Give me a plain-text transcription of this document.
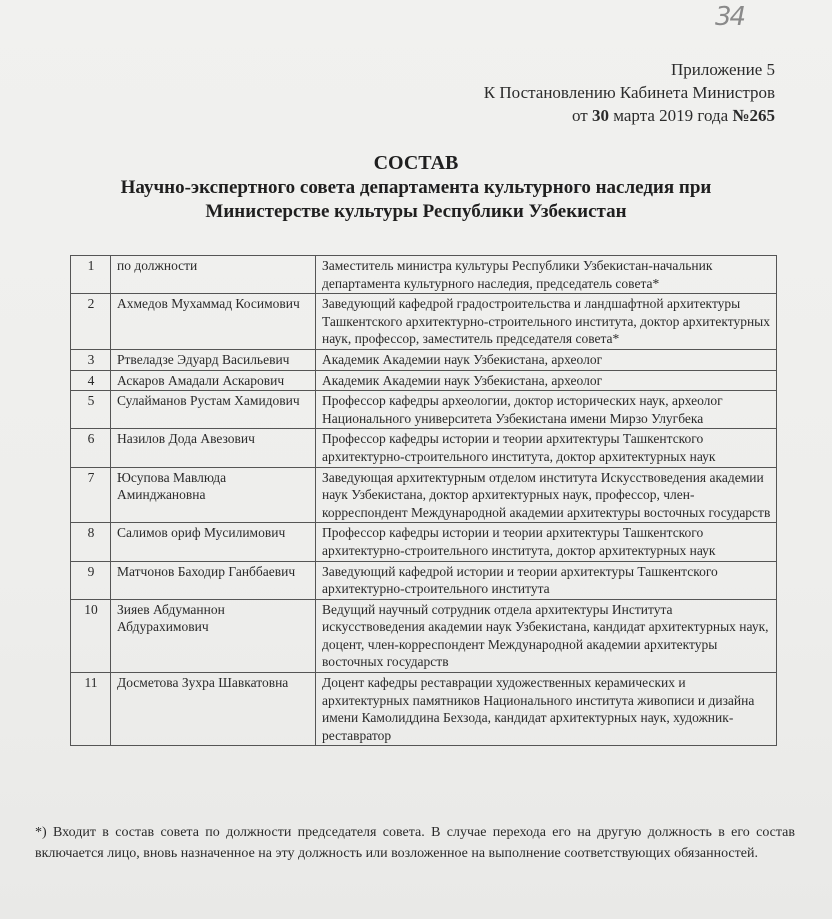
34
Приложение 5
К Постановлению Кабинета Министров
от 30 марта 2019 года №265
СОСТАВ
Научно-экспертного совета департамента культурного наследия при
Министерстве культуры Республики Узбекистан
1	по должности	Заместитель министра культуры Республики Узбекистан-начальник департамента культурного наследия, председатель совета*
2	Ахмедов Мухаммад Косимович	Заведующий кафедрой градостроительства и ландшафтной архитектуры Ташкентского архитектурно-строительного института, доктор архитектурных наук, профессор, заместитель председателя совета*
3	Ртвеладзе Эдуард Васильевич	Академик Академии наук Узбекистана, археолог
4	Аскаров Амадали Аскарович	Академик Академии наук Узбекистана, археолог
5	Сулайманов Рустам Хамидович	Профессор кафедры археологии, доктор исторических наук, археолог Национального университета Узбекистана имени Мирзо Улугбека
6	Назилов Дода Авезович	Профессор кафедры истории и теории архитектуры Ташкентского архитектурно-строительного института, доктор архитектурных наук
7	Юсупова Мавлюда Аминджановна	Заведующая архитектурным отделом института Искусствоведения академии наук Узбекистана, доктор архитектурных наук, профессор, член-корреспондент Международной академии архитектуры восточных государств
8	Салимов ориф Мусилимович	Профессор кафедры истории и теории архитектуры Ташкентского архитектурно-строительного института, доктор архитектурных наук
9	Матчонов Баходир Ганббаевич	Заведующий кафедрой истории и теории архитектуры Ташкентского архитектурно-строительного института
10	Зияев Абдуманнон Абдурахимович	Ведущий научный сотрудник отдела архитектуры Института искусствоведения академии наук Узбекистана, кандидат архитектурных наук, доцент, член-корреспондент Международной академии архитектуры восточных государств
11	Досметова Зухра Шавкатовна	Доцент кафедры реставрации художественных керамических и архитектурных памятников Национального института живописи и дизайна имени Камолиддина Бехзода, кандидат архитектурных наук, художник-реставратор
*) Входит в состав совета по должности председателя совета. В случае перехода его на другую должность в его состав включается лицо, вновь назначенное на эту должность или возложенное на выполнение соответствующих обязанностей.
